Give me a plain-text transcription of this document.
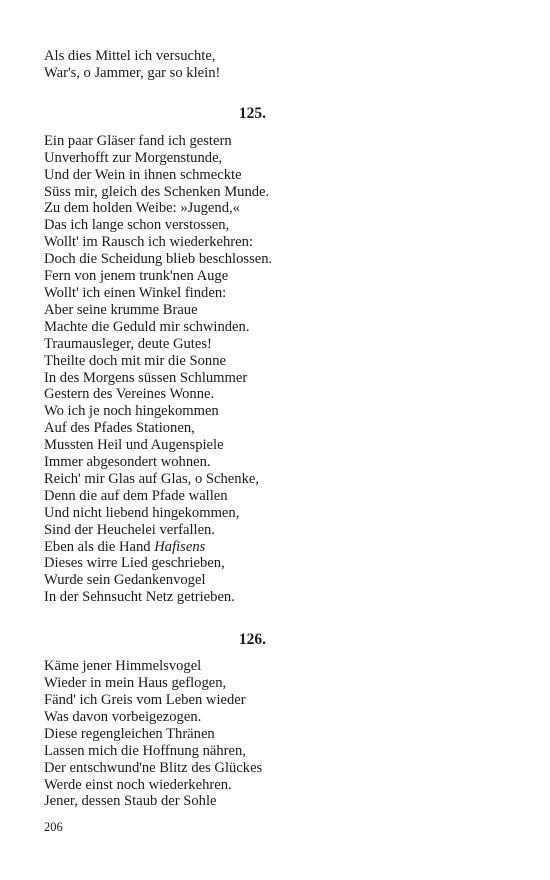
Als dies Mittel ich versuchte,
War's, o Jammer, gar so klein!
125.
Ein paar Gläser fand ich gestern
Unverhofft zur Morgenstunde,
Und der Wein in ihnen schmeckte
Süss mir, gleich des Schenken Munde.
Zu dem holden Weibe: »Jugend,«
Das ich lange schon verstossen,
Wollt' im Rausch ich wiederkehren:
Doch die Scheidung blieb beschlossen.
Fern von jenem trunk'nen Auge
Wollt' ich einen Winkel finden:
Aber seine krumme Braue
Machte die Geduld mir schwinden.
Traumausleger, deute Gutes!
Theilte doch mit mir die Sonne
In des Morgens süssen Schlummer
Gestern des Vereines Wonne.
Wo ich je noch hingekommen
Auf des Pfades Stationen,
Mussten Heil und Augenspiele
Immer abgesondert wohnen.
Reich' mir Glas auf Glas, o Schenke,
Denn die auf dem Pfade wallen
Und nicht liebend hingekommen,
Sind der Heuchelei verfallen.
Eben als die Hand Hafisens
Dieses wirre Lied geschrieben,
Wurde sein Gedankenvogel
In der Sehnsucht Netz getrieben.
126.
Käme jener Himmelsvogel
Wieder in mein Haus geflogen,
Fänd' ich Greis vom Leben wieder
Was davon vorbeigezogen.
Diese regengleichen Thränen
Lassen mich die Hoffnung nähren,
Der entschwund'ne Blitz des Glückes
Werde einst noch wiederkehren.
Jener, dessen Staub der Sohle
206
